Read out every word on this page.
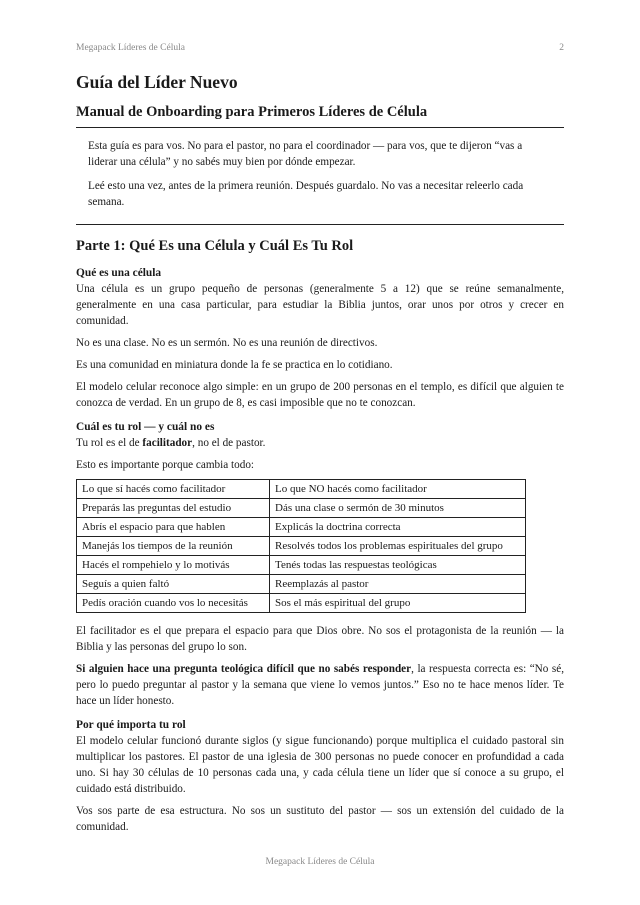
Megapack Líderes de Célula	2
Guía del Líder Nuevo
Manual de Onboarding para Primeros Líderes de Célula

Esta guía es para vos. No para el pastor, no para el coordinador — para vos, que te dijeron “vas a liderar una célula” y no sabés muy bien por dónde empezar.

Leé esto una vez, antes de la primera reunión. Después guardalo. No vas a necesitar releerlo cada semana.

Parte 1: Qué Es una Célula y Cuál Es Tu Rol
Qué es una célula

Una célula es un grupo pequeño de personas (generalmente 5 a 12) que se reúne semanalmente, generalmente en una casa particular, para estudiar la Biblia juntos, orar unos por otros y crecer en comunidad.

No es una clase. No es un sermón. No es una reunión de directivos.

Es una comunidad en miniatura donde la fe se practica en lo cotidiano.

El modelo celular reconoce algo simple: en un grupo de 200 personas en el templo, es difícil que alguien te conozca de verdad. En un grupo de 8, es casi imposible que no te conozcan.

Cuál es tu rol — y cuál no es

Tu rol es el de facilitador, no el de pastor.

Esto es importante porque cambia todo:

Lo que sí hacés como facilitador	Lo que NO hacés como facilitador
Preparás las preguntas del estudio	Dás una clase o sermón de 30 minutos
Abrís el espacio para que hablen	Explicás la doctrina correcta
Manejás los tiempos de la reunión	Resolvés todos los problemas espirituales del grupo
Hacés el rompehielo y lo motivás	Tenés todas las respuestas teológicas
Seguís a quien faltó	Reemplazás al pastor
Pedís oración cuando vos lo necesitás	Sos el más espiritual del grupo

El facilitador es el que prepara el espacio para que Dios obre. No sos el protagonista de la reunión — la Biblia y las personas del grupo lo son.

Si alguien hace una pregunta teológica difícil que no sabés responder, la respuesta correcta es: “No sé, pero lo puedo preguntar al pastor y la semana que viene lo vemos juntos.” Eso no te hace menos líder. Te hace un líder honesto.

Por qué importa tu rol

El modelo celular funcionó durante siglos (y sigue funcionando) porque multiplica el cuidado pastoral sin multiplicar los pastores. El pastor de una iglesia de 300 personas no puede conocer en profundidad a cada uno. Si hay 30 células de 10 personas cada una, y cada célula tiene un líder que sí conoce a su grupo, el cuidado está distribuido.

Vos sos parte de esa estructura. No sos un sustituto del pastor — sos un extensión del cuidado de la comunidad.

Megapack Líderes de Célula
